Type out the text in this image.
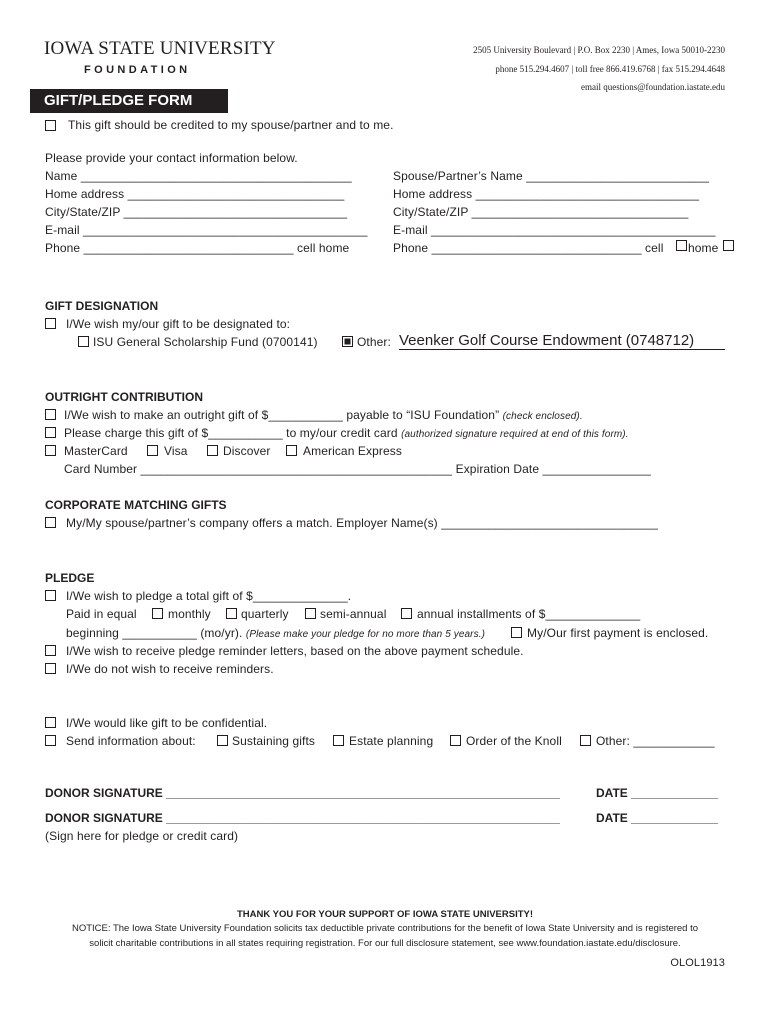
IOWA STATE UNIVERSITY
FOUNDATION
2505 University Boulevard | P.O. Box 2230 | Ames, Iowa 50010-2230
phone 515.294.4607 | toll free 866.419.6768 | fax 515.294.4648
email questions@foundation.iastate.edu
GIFT/PLEDGE FORM
This gift should be credited to my spouse/partner and to me.
Please provide your contact information below.
Name ________________________________________
Home address ________________________________
City/State/ZIP _________________________________
E-mail __________________________________________
Phone _______________________________ cell home
Spouse/Partner’s Name ___________________________
Home address _________________________________
City/State/ZIP ________________________________
E-mail __________________________________________
Phone _______________________________ cell home
GIFT DESIGNATION
I/We wish my/our gift to be designated to:
ISU General Scholarship Fund (0700141)	Other: Veenker Golf Course Endowment (0748712)
OUTRIGHT CONTRIBUTION
I/We wish to make an outright gift of $___________ payable to “ISU Foundation” (check enclosed).
Please charge this gift of $___________ to my/our credit card (authorized signature required at end of this form).
MasterCard	Visa	Discover	American Express
Card Number ______________________________________________ Expiration Date ________________
CORPORATE MATCHING GIFTS
My/My spouse/partner’s company offers a match. Employer Name(s) ________________________________
PLEDGE
I/We wish to pledge a total gift of $______________.
Paid in equal	monthly	quarterly	semi-annual	annual installments of $______________
beginning ___________ (mo/yr). (Please make your pledge for no more than 5 years.)	My/Our first payment is enclosed.
I/We wish to receive pledge reminder letters, based on the above payment schedule.
I/We do not wish to receive reminders.
I/We would like gift to be confidential.
Send information about:	Sustaining gifts	Estate planning	Order of the Knoll	Other: ____________
DONOR SIGNATURE ___________________________________________________________	DATE _____________
DONOR SIGNATURE ___________________________________________________________	DATE _____________
(Sign here for pledge or credit card)
THANK YOU FOR YOUR SUPPORT OF IOWA STATE UNIVERSITY!
NOTICE: The Iowa State University Foundation solicits tax deductible private contributions for the benefit of Iowa State University and is registered to
solicit charitable contributions in all states requiring registration. For our full disclosure statement, see www.foundation.iastate.edu/disclosure.
OLOL1913
